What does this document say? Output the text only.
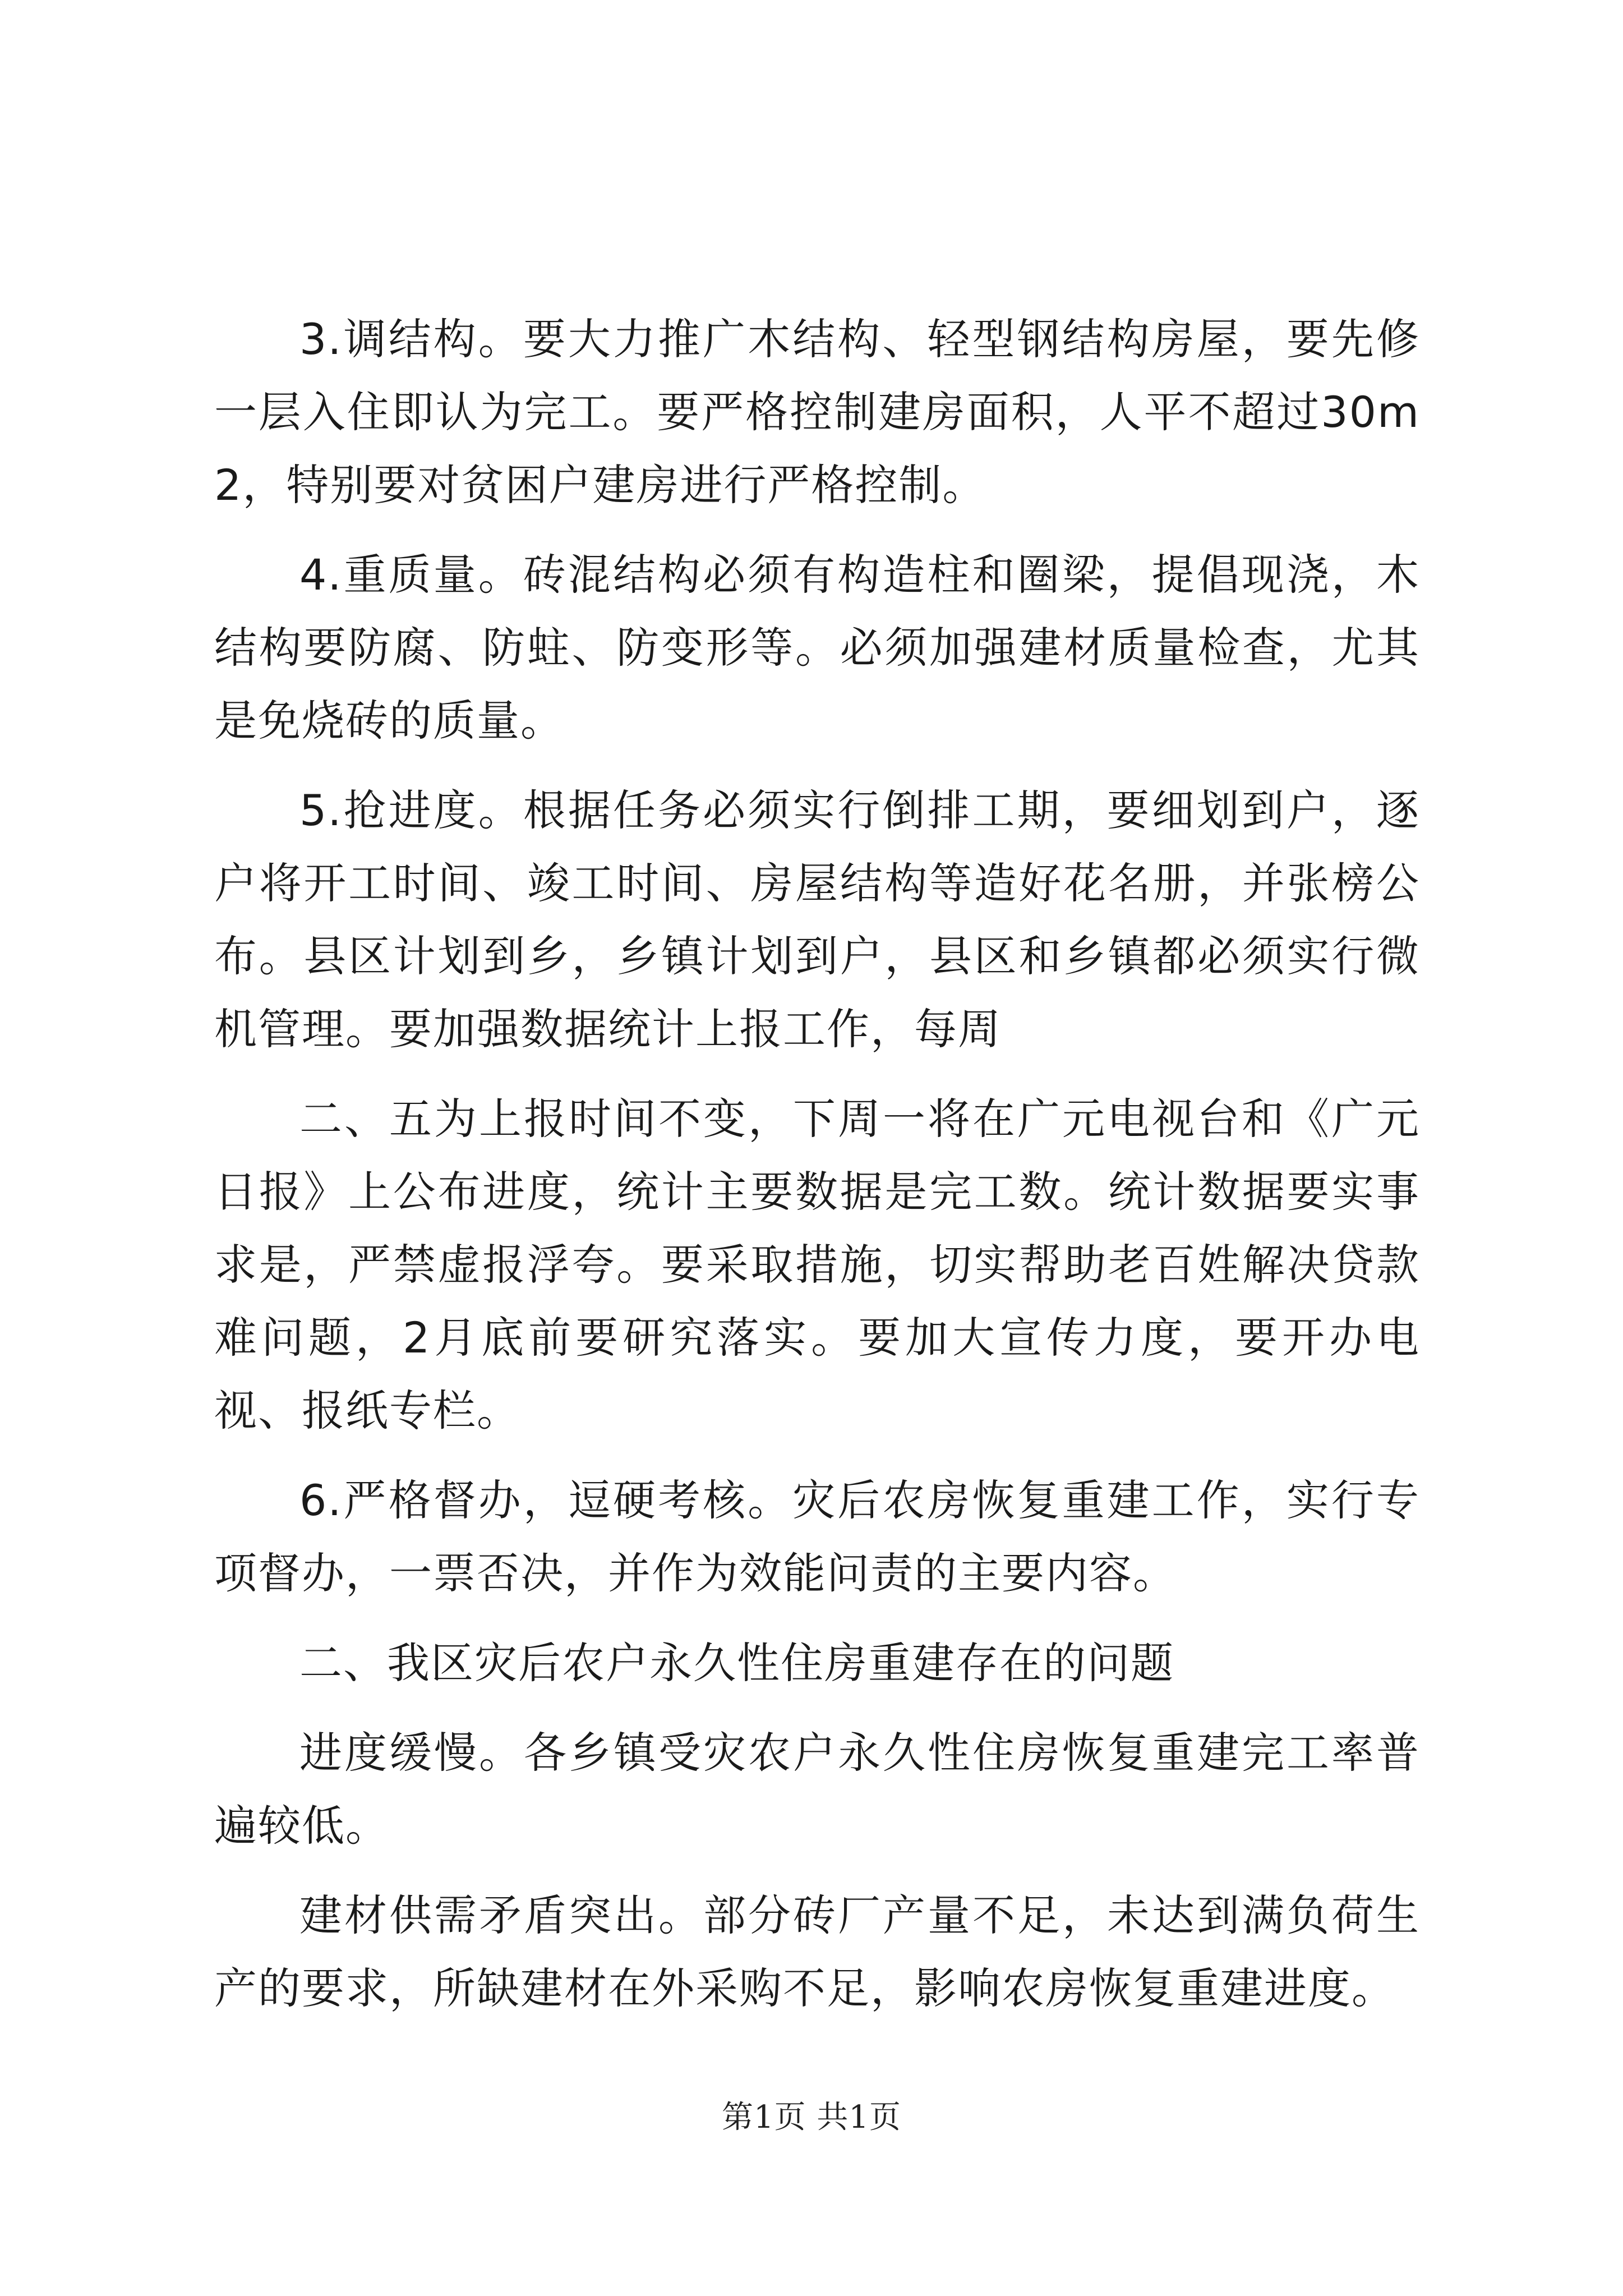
3.调结构。要大力推广木结构、轻型钢结构房屋，要先修一层入住即认为完工。要严格控制建房面积，人平不超过30m2，特别要对贫困户建房进行严格控制。

4.重质量。砖混结构必须有构造柱和圈梁，提倡现浇，木结构要防腐、防蛀、防变形等。必须加强建材质量检查，尤其是免烧砖的质量。

5.抢进度。根据任务必须实行倒排工期，要细划到户，逐户将开工时间、竣工时间、房屋结构等造好花名册，并张榜公布。县区计划到乡，乡镇计划到户，县区和乡镇都必须实行微机管理。要加强数据统计上报工作，每周

二、五为上报时间不变，下周一将在广元电视台和《广元日报》上公布进度，统计主要数据是完工数。统计数据要实事求是，严禁虚报浮夸。要采取措施，切实帮助老百姓解决贷款难问题，2月底前要研究落实。要加大宣传力度，要开办电视、报纸专栏。

6.严格督办，逗硬考核。灾后农房恢复重建工作，实行专项督办，一票否决，并作为效能问责的主要内容。

二、我区灾后农户永久性住房重建存在的问题

进度缓慢。各乡镇受灾农户永久性住房恢复重建完工率普遍较低。

建材供需矛盾突出。部分砖厂产量不足，未达到满负荷生产的要求，所缺建材在外采购不足，影响农房恢复重建进度。

第1页 共1页
